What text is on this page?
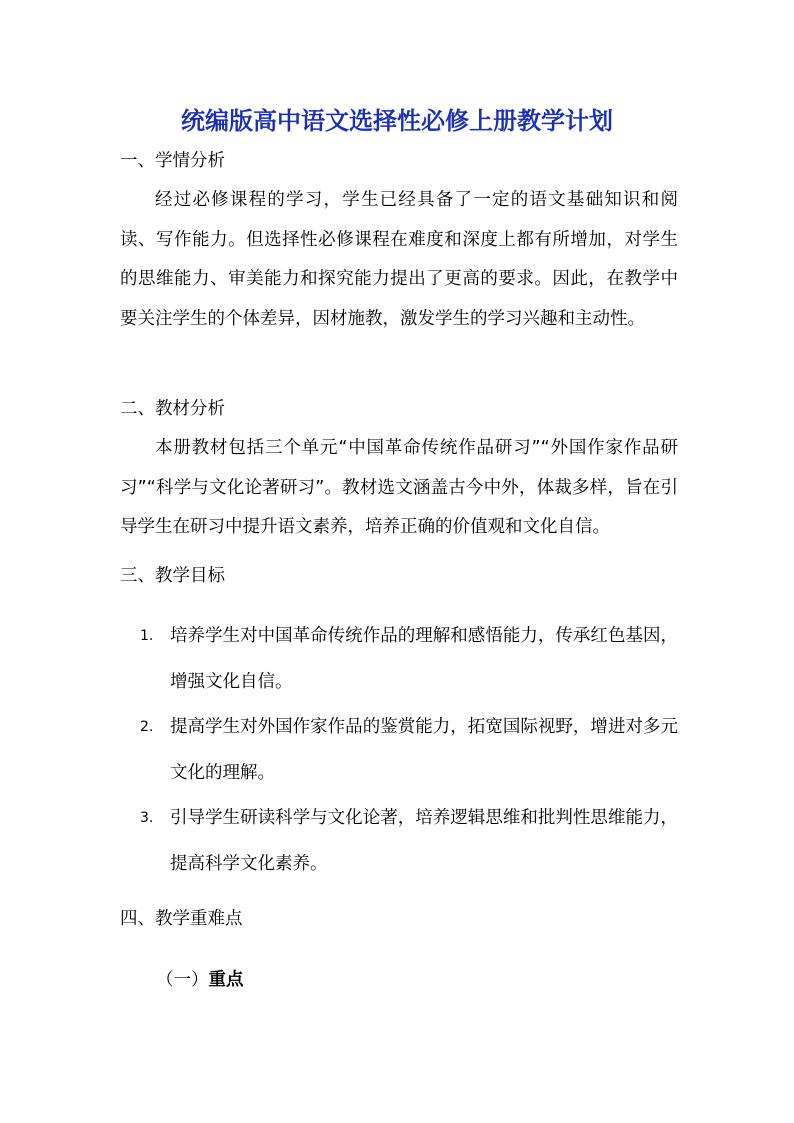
统编版高中语文选择性必修上册教学计划
一、学情分析

经过必修课程的学习，学生已经具备了一定的语文基础知识和阅读、写作能力。但选择性必修课程在难度和深度上都有所增加，对学生的思维能力、审美能力和探究能力提出了更高的要求。因此，在教学中要关注学生的个体差异，因材施教，激发学生的学习兴趣和主动性。

二、教材分析

本册教材包括三个单元“中国革命传统作品研习”“外国作家作品研习”“科学与文化论著研习”。教材选文涵盖古今中外，体裁多样，旨在引导学生在研习中提升语文素养，培养正确的价值观和文化自信。

三、教学目标
1. 培养学生对中国革命传统作品的理解和感悟能力，传承红色基因，增强文化自信。
2. 提高学生对外国作家作品的鉴赏能力，拓宽国际视野，增进对多元文化的理解。
3. 引导学生研读科学与文化论著，培养逻辑思维和批判性思维能力，提高科学文化素养。
四、教学重难点
（一）重点
